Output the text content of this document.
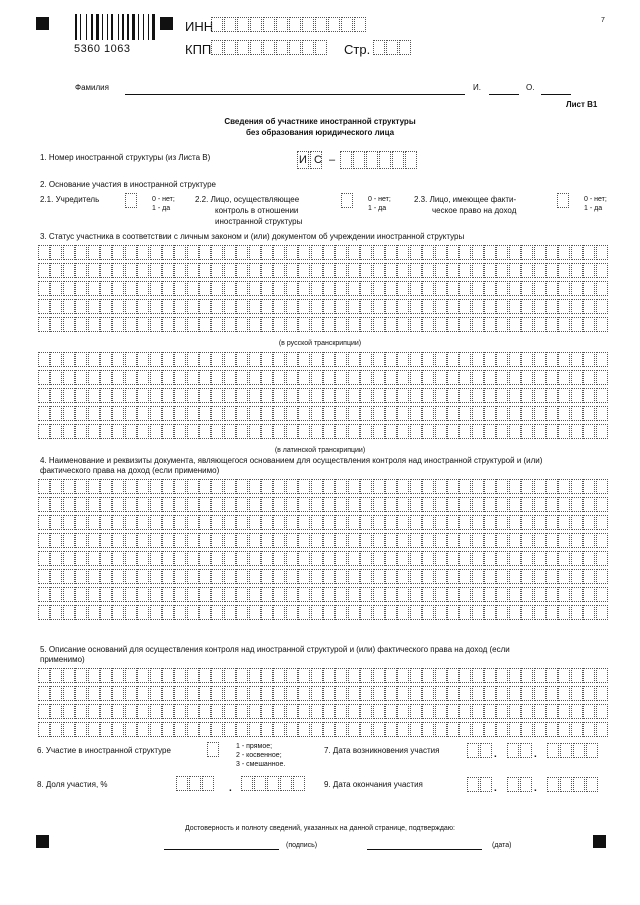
5360 1063
7
ИНН
КПП	Стр.
Фамилия	И.	О.
Лист В1
Сведения об участнике иностранной структуры
без образования юридического лица
1. Номер иностранной структуры (из Листа В)	И С –
2. Основание участия в иностранной структуре
2.1. Учредитель	0 - нет;
1 - да
2.2. Лицо, осуществляющее
контроль в отношении
иностранной структуры
0 - нет;
1 - да
2.3. Лицо, имеющее факти-
ческое право на доход
0 - нет;
1 - да
3. Статус участника в соответствии с личным законом и (или) документом об учреждении иностранной структуры
(в русской транскрипции)
(в латинской транскрипции)
4. Наименование и реквизиты документа, являющегося основанием для осуществления контроля над иностранной структурой и (или)
фактического права на доход (если применимо)
5. Описание оснований для осуществления контроля над иностранной структурой и (или) фактического права на доход (если
применимо)
6. Участие в иностранной структуре	1 - прямое;
2 - косвенное;
3 - смешанное.
7. Дата возникновения участия	.	.
8. Доля участия, %	.	9. Дата окончания участия	.	.
Достоверность и полноту сведений, указанных на данной странице, подтверждаю:
(подпись)	(дата)
